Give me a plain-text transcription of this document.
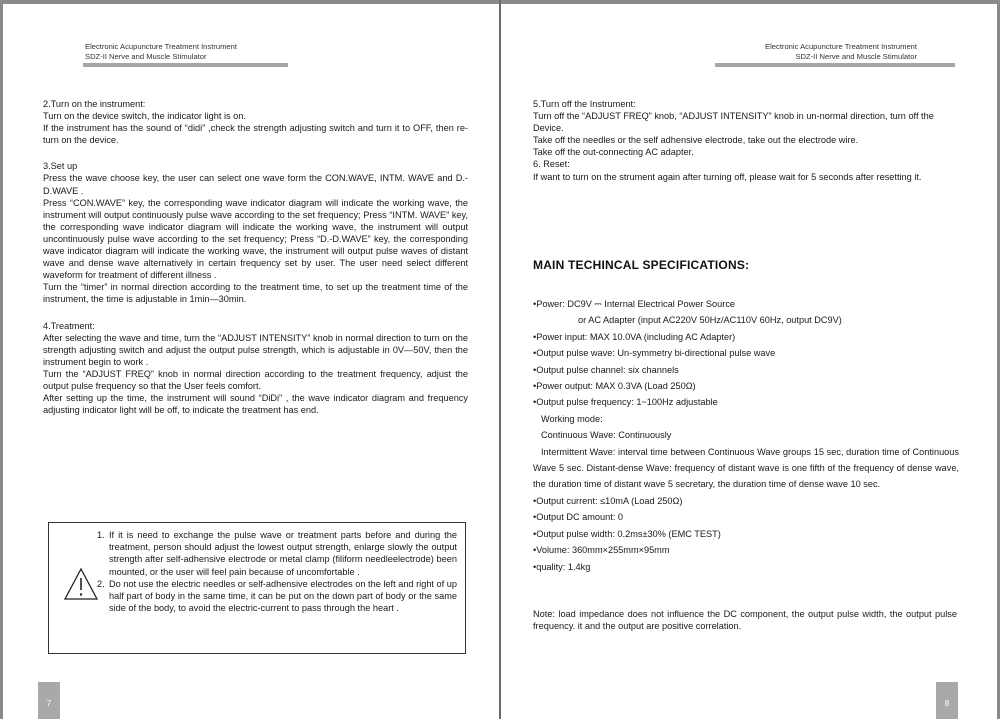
Electronic Acupuncture Treatment Instrument
SDZ-II Nerve and Muscle Stimulator

2.Turn on the instrument:

Turn on the device switch, the indicator light is on.

If the instrument has the sound of “didi” ,check the strength adjusting switch and turn it to OFF, then re-turn on the device.

3.Set up

Press the wave choose key, the user can select one wave form the CON.WAVE, INTM. WAVE and D.-D.WAVE .

Press “CON.WAVE” key, the corresponding wave indicator diagram will indicate the working wave, the instrument will output continuously pulse wave according to the set frequency; Press “INTM. WAVE” key, the corresponding wave indicator diagram will indicate the working wave, the instrument will output uncontinuously pulse wave according to the set frequency; Press “D.-D.WAVE” key, the corresponding wave indicator diagram will indicate the working wave, the instrument will output pulse waves of distant wave and dense wave alternatively in certain frequency set by user. The user need select different waveform for treatment of different illness .

Turn the “timer” in normal direction according to the treatment time, to set up the treatment time of the instrument, the time is adjustable in 1min—30min.

4.Treatment:

After selecting the wave and time, turn the “ADJUST INTENSITY” knob in normal direction to turn on the strength adjusting switch and adjust the output pulse strength, which is adjustable in 0V—50V, then the instrument begin to work .

Turn the “ADJUST FREQ” knob in normal direction according to the treatment frequency, adjust the output pulse frequency so that the User feels comfort.

After setting up the time, the instrument will sound “DiDi” , the wave indicator diagram and frequency adjusting indicator light will be off, to indicate the treatment has end.

1. If it is need to exchange the pulse wave or treatment parts before and during the treatment, person should adjust the lowest output strength, enlarge slowly the output strength after self-adhensive electrode or metal clamp (filiform needleelectrode) been mounted, or the user will feel pain because of uncomfortable .
2. Do not use the electric needles or self-adhensive electrodes on the left and right of up half part of body in the same time, it can be put on the down part of body or the same side of the body, to avoid the electric-current to pass through the heart .
7
Electronic Acupuncture Treatment Instrument
SDZ-II Nerve and Muscle Stimulator

5.Turn off the Instrument:

Turn off the “ADJUST FREQ” knob, “ADJUST INTENSITY” knob in un-normal direction, turn off the Device.

Take off the needles or the self adhensive electrode, take out the electrode wire.

Take off the out-connecting AC adapter.

6. Reset:

If want to turn on the strument again after turning off, please wait for 5 seconds after resetting it.

MAIN TECHINCAL SPECIFICATIONS:
•Power: DC9V ⎓ Internal Electrical Power Source
or AC Adapter (input AC220V 50Hz/AC110V 60Hz, output DC9V)
•Power input: MAX 10.0VA (including AC Adapter)
•Output pulse wave: Un-symmetry bi-directional pulse wave
•Output pulse channel: six channels
•Power output: MAX 0.3VA (Load 250Ω)
•Output pulse frequency: 1~100Hz adjustable
Working mode:
Continuous Wave: Continuously
Intermittent Wave: interval time between Continuous Wave groups 15 sec, duration time of Continuous Wave 5 sec. Distant-dense Wave: frequency of distant wave is one fifth of the frequency of dense wave, the duration time of distant wave 5 secretary, the duration time of dense wave 10 sec.
•Output current: ≤10mA (Load 250Ω)
•Output DC amount: 0
•Output pulse width: 0.2ms±30% (EMC TEST)
•Volume: 360mm×255mm×95mm
•quality: 1.4kg
Note: load impedance does not influence the DC component, the output pulse width, the output pulse frequency. it and the output are positive correlation.
8
